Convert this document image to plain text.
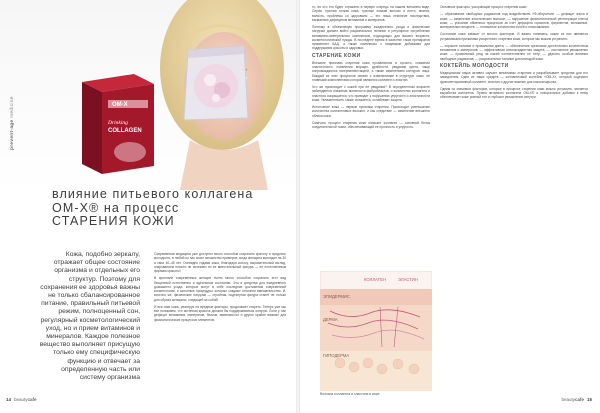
OM-X
Drinking
COLLAGEN
prevent-age medicine
влияние питьевого коллагена
OM-X® на процесс
СТАРЕНИЯ КОЖИ
Кожа, подобно зеркалу, отражает общее состояние организма и отдельных его структур. Поэтому для сохранения ее здоровья важны не только сбалансированное питание, правильный питьевой режим, полноценный сон, регулярный косметологический уход, но и прием витаминов и минералов. Каждое полезное вещество выполняет присущую только ему специфическую функцию и отвечает за определенную часть или систему организма

Современная медицина уже доступно много способов сохранить красоту и продлить молодость, в любой из нас знает множество примеров, когда женщина выглядит на 30 а свои 40–45 лет. Очевидно годами кожа, благодаря колосу, выразительный взгляд, очарованием юности не исчезают из ее вместительный фигура — ее естественным формам красоты!

В арсенале современных женщин очень много способов сохранить этот вид бесценный естественно и идеальном состоянии. Это и средства для ежедневного домашнего ухода, которые могут в себе последние достижения современной косметологии, и салонные процедуры, которые создают отличное вмешательство. И, конечно же, физические нагрузки — стройная, подтянутая фигура станет не только для образа женщины, следящей за собой!

И все-таки кожа, реагируя на вредные факторы, продолжает стареть. Теперь уже мы все понимаем, что истинная красота должна бы поддерживаться изнутри. Если у нас дефицит витаминов, минералов, белков, аминокислот и других крайне важных для физиологических процессов элементов,

14 beautycafe

то, во что это будет отражено в первую очередь на нашем внешнем виде. Серая, тусклая тонкая кожа, тусклые ломкие волосы и ногти, апатия, вялость, проблемы со здоровьем — это лишь немногие последствия, вызванные дефицитом витаминов и минералов.

Поэтому в объективную программу ежедневного ухода и физические нагрузки должно войти рациональное питание и регулярное потребление витаминно-минеральных комплексов, подходящих для вашего возраста, косметологической нужды. В последнее время в качестве таких препаратов применяют БАД, а также комплексы с пищевыми добавками для поддержания красоты и здоровья.

СТАРЕНИЕ КОЖИ

Внешние признаки старения кожи проявляются в сухости, снижении эластичности, появлении морщин, дряблости, увядании цвета, чаще сопровождаются гиперпигментацией, а также изменением контуров лица. Каждый из этих процессов связан с изменениями в структуре кожи, ее главными компонентами которой являются коллаген и эластин.

Что же происходит с кожей при ее увядании? В определенном возрасте наблюдается снижение активности фибробластов, и количество коллагена и эластина сокращается, что приводит к нарушению упругости и эластичности кожи. Увлажненность также снижается, ослабевает защита.

Истончение кожи — первые признаки старения. Происходит уменьшение количества коллагеновых волокон, и как следствие — изменение внешнего облика кожи.

Смягчить процесс старения кожи поможет коллаген — основной белок соединительной ткани, обеспечивающий ее прочность и упругость.

Основные факторы, ускоряющие процесс старения кожи:

— образование свободных радикалов под воздействием УФ-облучения; — дефицит азота в коже; — изменение эластических волокон; — нарушение физиологической регенерации клеток кожи; — угасание обменных процессов за счет дефицита гормонов, ферментов, витаминов, минеральных веществ; — понижение количества солей и гликозаминов.

Состояние кожи зависит от многих факторов. И важно понимать, какие из них являются устранимыми причинами ускоренного старения кожи, которые мы можем устранить:

— хорошее питание и правильная диета; — обеспечение организма достаточным количеством витаминов и минералов; — эффективная антиоксидантная защита; — постоянное увлажнение кожи; — правильный уход за кожей соответственно ее типу; — удалить особые влияния свободных радикалов; — рациональное питание для молодой кожи.

КОКТЕЙЛЬ МОЛОДОСТИ

Медицинская наука активно изучает механизмы старения и разрабатывает средства для его замедления. Одно из таких средств — коллагеновый коктейль «ОМ-X», который содержит фрагментированный коллаген, эластин и другие важные для кожи вещества.

Одним из значимых факторов, которые в процессе старения кожи можно устранить, является выработка коллагена. Прием питьевого коллагена OM-X® и специальных добавок к нему обеспечивает коже ровный тон и глубокое увлажнение изнутри.

КОЛЛАГЕН	ЭЛАСТИН
ЭПИДЕРМИС
ДЕРМА
ГИПОДЕРМА
Волокна коллагена и эластина в коже
beautycafe 15
